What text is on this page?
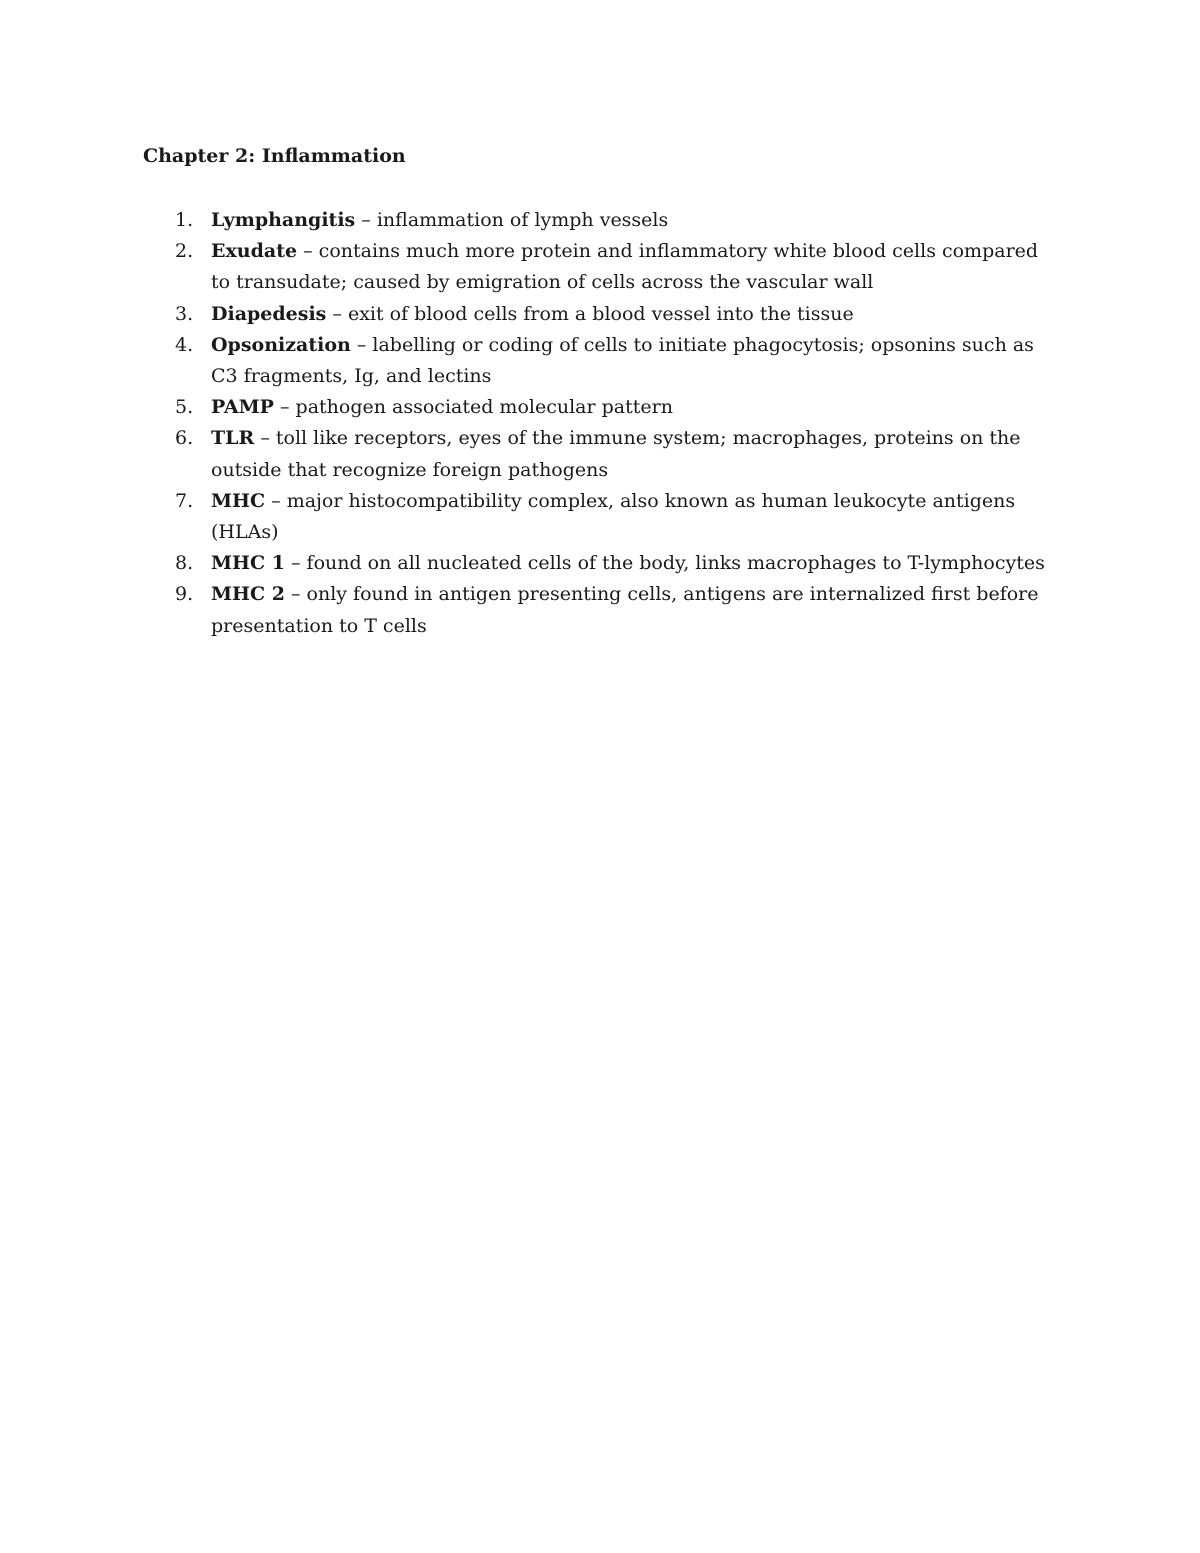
Chapter 2: Inflammation
1. Lymphangitis – inflammation of lymph vessels
2. Exudate – contains much more protein and inflammatory white blood cells compared to transudate; caused by emigration of cells across the vascular wall
3. Diapedesis – exit of blood cells from a blood vessel into the tissue
4. Opsonization – labelling or coding of cells to initiate phagocytosis; opsonins such as C3 fragments, Ig, and lectins
5. PAMP – pathogen associated molecular pattern
6. TLR – toll like receptors, eyes of the immune system; macrophages, proteins on the outside that recognize foreign pathogens
7. MHC – major histocompatibility complex, also known as human leukocyte antigens (HLAs)
8. MHC 1 – found on all nucleated cells of the body, links macrophages to T-lymphocytes
9. MHC 2 – only found in antigen presenting cells, antigens are internalized first before presentation to T cells
